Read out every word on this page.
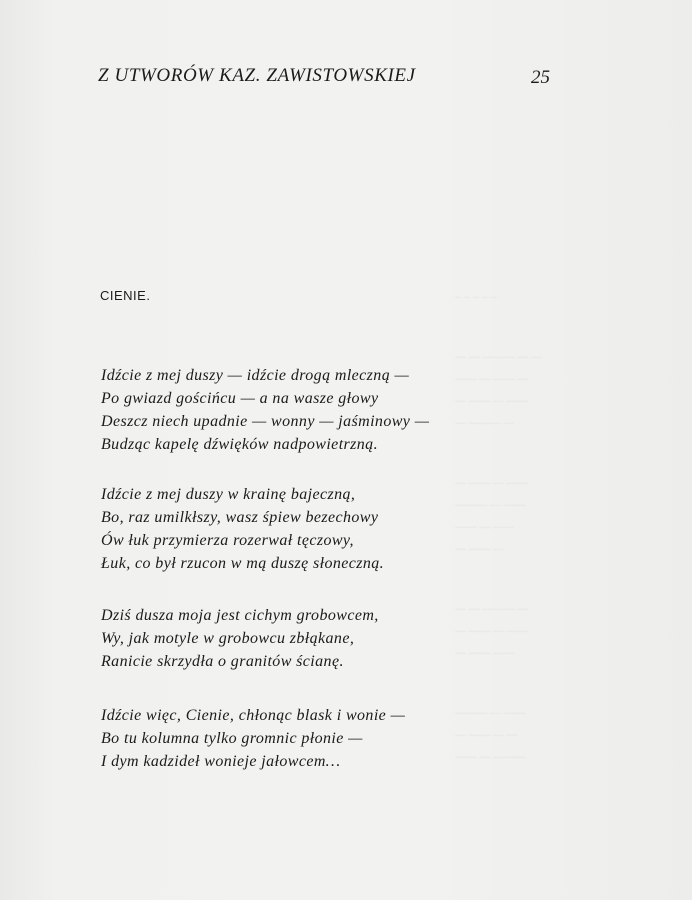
‒ ‒ ‒ ‒ ‒
— — ——— — —
—— — —— —
— —— — ——
— ——— —
— —— — ——
——— — ——
—— — ——
— —— —
— — ——— —
— —— — ——
— —— ——
——— — ——
— —— — —
—— — ———
Z UTWORÓW KAZ. ZAWISTOWSKIEJ	25
CIENIE.
Idźcie z mej duszy — idźcie drogą mleczną —
Po gwiazd gościńcu — a na wasze głowy
Deszcz niech upadnie — wonny — jaśminowy —
Budząc kapelę dźwięków nadpowietrzną.
Idźcie z mej duszy w krainę bajeczną,
Bo, raz umilkłszy, wasz śpiew bezechowy
Ów łuk przymierza rozerwał tęczowy,
Łuk, co był rzucon w mą duszę słoneczną.
Dziś dusza moja jest cichym grobowcem,
Wy, jak motyle w grobowcu zbłąkane,
Ranicie skrzydła o granitów ścianę.
Idźcie więc, Cienie, chłonąc blask i wonie —
Bo tu kolumna tylko gromnic płonie —
I dym kadzideł wonieje jałowcem…
